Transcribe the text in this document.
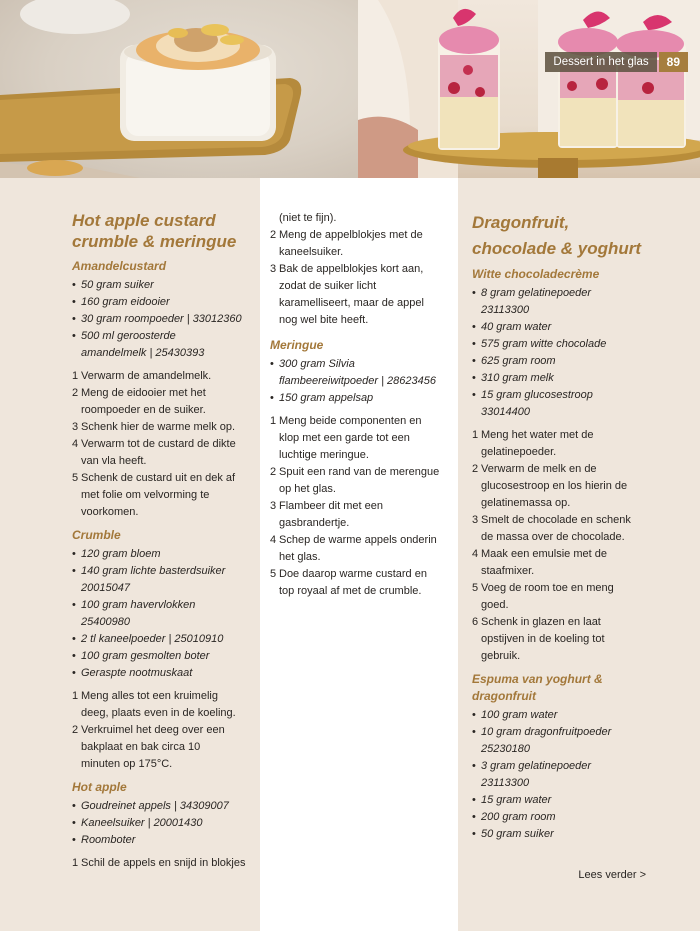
Dessert in het glas	89
Hot apple custard
crumble & meringue
Amandelcustard
• 50 gram suiker
• 160 gram eidooier
• 30 gram roompoeder | 33012360
• 500 ml geroosterde
amandelmelk | 25430393
1 Verwarm de amandelmelk.
2 Meng de eidooier met het
roompoeder en de suiker.
3 Schenk hier de warme melk op.
4 Verwarm tot de custard de dikte
van vla heeft.
5 Schenk de custard uit en dek af
met folie om velvorming te
voorkomen.
Crumble
• 120 gram bloem
• 140 gram lichte basterdsuiker
20015047
• 100 gram havervlokken
25400980
• 2 tl kaneelpoeder | 25010910
• 100 gram gesmolten boter
• Geraspte nootmuskaat
1 Meng alles tot een kruimelig
deeg, plaats even in de koeling.
2 Verkruimel het deeg over een
bakplaat en bak circa 10
minuten op 175°C.
Hot apple
• Goudreinet appels | 34309007
• Kaneelsuiker | 20001430
• Roomboter
1 Schil de appels en snijd in blokjes
(niet te fijn).
2 Meng de appelblokjes met de
kaneelsuiker.
3 Bak de appelblokjes kort aan,
zodat de suiker licht
karamelliseert, maar de appel
nog wel bite heeft.
Meringue
• 300 gram Silvia
flambeereiwitpoeder | 28623456
• 150 gram appelsap
1 Meng beide componenten en
klop met een garde tot een
luchtige meringue.
2 Spuit een rand van de merengue
op het glas.
3 Flambeer dit met een
gasbrandertje.
4 Schep de warme appels onderin
het glas.
5 Doe daarop warme custard en
top royaal af met de crumble.
Dragonfruit,
chocolade & yoghurt
Witte chocoladecrème
• 8 gram gelatinepoeder
23113300
• 40 gram water
• 575 gram witte chocolade
• 625 gram room
• 310 gram melk
• 15 gram glucosestroop
33014400
1 Meng het water met de
gelatinepoeder.
2 Verwarm de melk en de
glucosestroop en los hierin de
gelatinemassa op.
3 Smelt de chocolade en schenk
de massa over de chocolade.
4 Maak een emulsie met de
staafmixer.
5 Voeg de room toe en meng
goed.
6 Schenk in glazen en laat
opstijven in de koeling tot
gebruik.
Espuma van yoghurt &
dragonfruit
• 100 gram water
• 10 gram dragonfruitpoeder
25230180
• 3 gram gelatinepoeder
23113300
• 15 gram water
• 200 gram room
• 50 gram suiker
Lees verder >
